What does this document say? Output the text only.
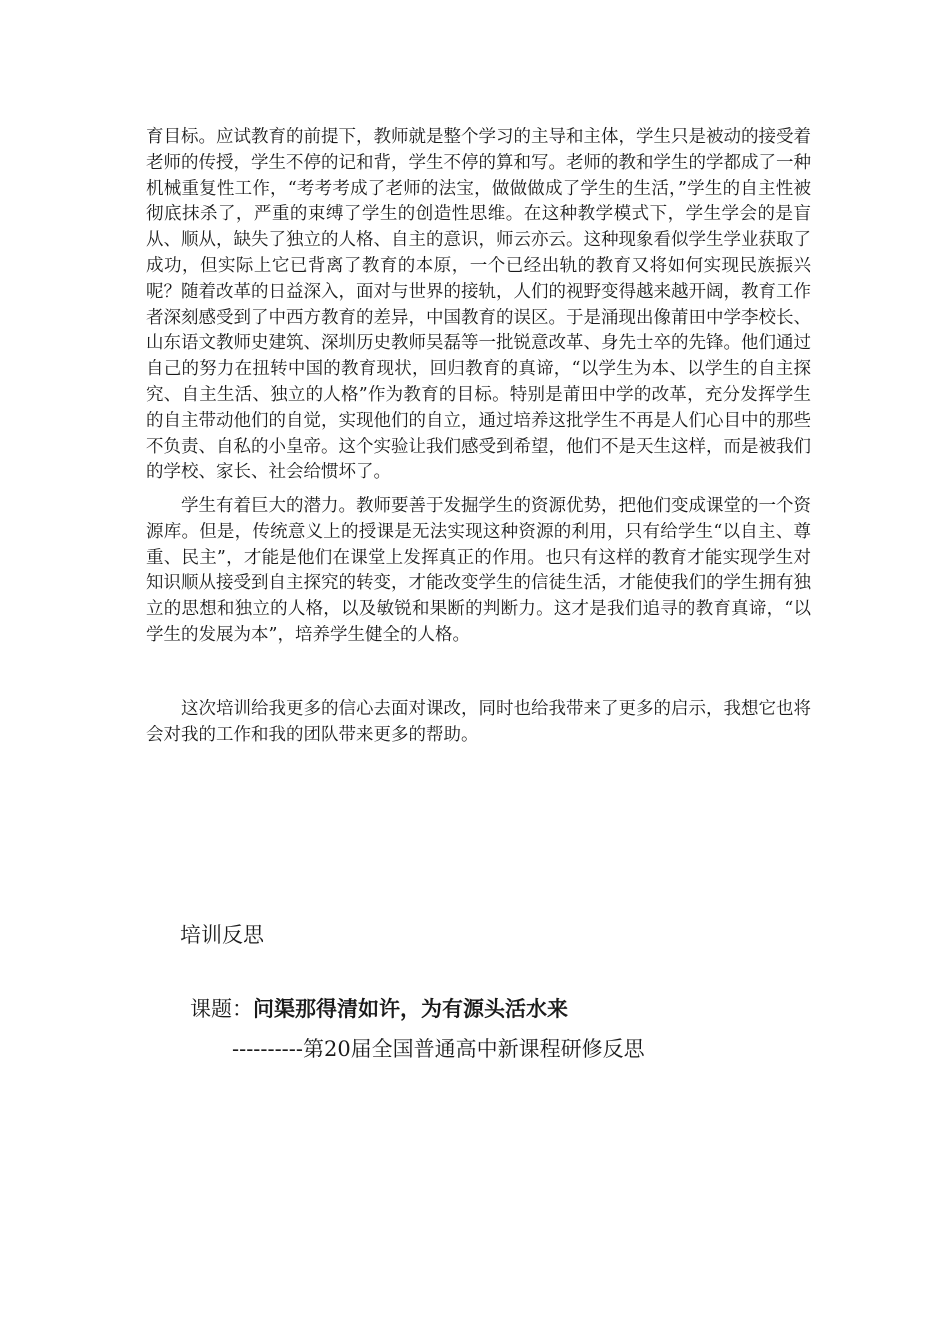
育目标。应试教育的前提下，教师就是整个学习的主导和主体，学生只是被动的接受着老师的传授，学生不停的记和背，学生不停的算和写。老师的教和学生的学都成了一种机械重复性工作，“考考考成了老师的法宝，做做做成了学生的生活，”学生的自主性被彻底抹杀了，严重的束缚了学生的创造性思维。在这种教学模式下，学生学会的是盲从、顺从，缺失了独立的人格、自主的意识，师云亦云。这种现象看似学生学业获取了成功，但实际上它已背离了教育的本原，一个已经出轨的教育又将如何实现民族振兴呢？随着改革的日益深入，面对与世界的接轨，人们的视野变得越来越开阔，教育工作者深刻感受到了中西方教育的差异，中国教育的误区。于是涌现出像莆田中学李校长、山东语文教师史建筑、深圳历史教师吴磊等一批锐意改革、身先士卒的先锋。他们通过自己的努力在扭转中国的教育现状，回归教育的真谛，“以学生为本、以学生的自主探究、自主生活、独立的人格”作为教育的目标。特别是莆田中学的改革，充分发挥学生的自主带动他们的自觉，实现他们的自立，通过培养这批学生不再是人们心目中的那些不负责、自私的小皇帝。这个实验让我们感受到希望，他们不是天生这样，而是被我们的学校、家长、社会给惯坏了。

学生有着巨大的潜力。教师要善于发掘学生的资源优势，把他们变成课堂的一个资源库。但是，传统意义上的授课是无法实现这种资源的利用，只有给学生“以自主、尊重、民主”，才能是他们在课堂上发挥真正的作用。也只有这样的教育才能实现学生对知识顺从接受到自主探究的转变，才能改变学生的信徒生活，才能使我们的学生拥有独立的思想和独立的人格，以及敏锐和果断的判断力。这才是我们追寻的教育真谛，“以学生的发展为本”，培养学生健全的人格。

这次培训给我更多的信心去面对课改，同时也给我带来了更多的启示，我想它也将会对我的工作和我的团队带来更多的帮助。

培训反思

课题：问渠那得清如许，为有源头活水来

----------第20届全国普通高中新课程研修反思
